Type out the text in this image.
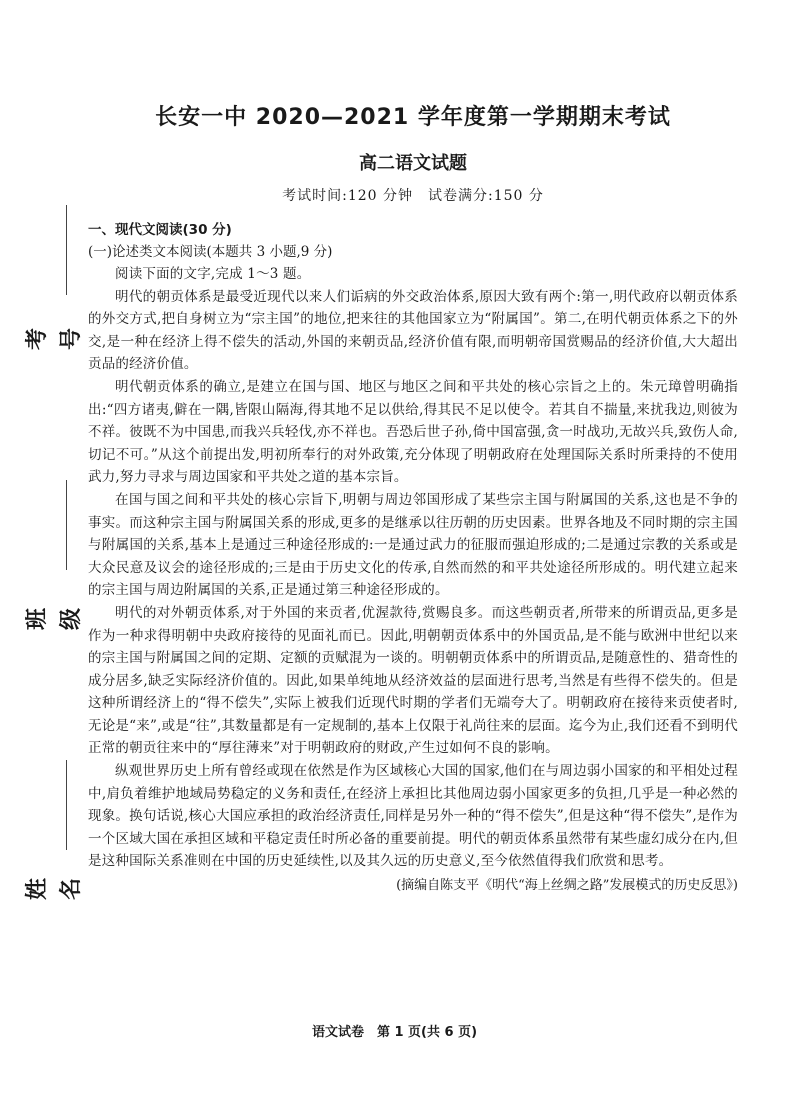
考号
班级
姓名
长安一中 2020—2021 学年度第一学期期末考试
高二语文试题
考试时间:120 分钟　试卷满分:150 分
一、现代文阅读(30 分)
(一)论述类文本阅读(本题共 3 小题,9 分)

阅读下面的文字,完成 1～3 题。

明代的朝贡体系是最受近现代以来人们诟病的外交政治体系,原因大致有两个:第一,明代政府以朝贡体系的外交方式,把自身树立为“宗主国”的地位,把来往的其他国家立为“附属国”。第二,在明代朝贡体系之下的外交,是一种在经济上得不偿失的活动,外国的来朝贡品,经济价值有限,而明朝帝国赏赐品的经济价值,大大超出贡品的经济价值。

明代朝贡体系的确立,是建立在国与国、地区与地区之间和平共处的核心宗旨之上的。朱元璋曾明确指出:“四方诸夷,僻在一隅,皆限山隔海,得其地不足以供给,得其民不足以使令。若其自不揣量,来扰我边,则彼为不祥。彼既不为中国患,而我兴兵轻伐,亦不祥也。吾恐后世子孙,倚中国富强,贪一时战功,无故兴兵,致伤人命,切记不可。”从这个前提出发,明初所奉行的对外政策,充分体现了明朝政府在处理国际关系时所秉持的不使用武力,努力寻求与周边国家和平共处之道的基本宗旨。

在国与国之间和平共处的核心宗旨下,明朝与周边邻国形成了某些宗主国与附属国的关系,这也是不争的事实。而这种宗主国与附属国关系的形成,更多的是继承以往历朝的历史因素。世界各地及不同时期的宗主国与附属国的关系,基本上是通过三种途径形成的:一是通过武力的征服而强迫形成的;二是通过宗教的关系或是大众民意及议会的途径形成的;三是由于历史文化的传承,自然而然的和平共处途径所形成的。明代建立起来的宗主国与周边附属国的关系,正是通过第三种途径形成的。

明代的对外朝贡体系,对于外国的来贡者,优渥款待,赏赐良多。而这些朝贡者,所带来的所谓贡品,更多是作为一种求得明朝中央政府接待的见面礼而已。因此,明朝朝贡体系中的外国贡品,是不能与欧洲中世纪以来的宗主国与附属国之间的定期、定额的贡赋混为一谈的。明朝朝贡体系中的所谓贡品,是随意性的、猎奇性的成分居多,缺乏实际经济价值的。因此,如果单纯地从经济效益的层面进行思考,当然是有些得不偿失的。但是这种所谓经济上的“得不偿失”,实际上被我们近现代时期的学者们无端夸大了。明朝政府在接待来贡使者时,无论是“来”,或是“往”,其数量都是有一定规制的,基本上仅限于礼尚往来的层面。迄今为止,我们还看不到明代正常的朝贡往来中的“厚往薄来”对于明朝政府的财政,产生过如何不良的影响。

纵观世界历史上所有曾经或现在依然是作为区域核心大国的国家,他们在与周边弱小国家的和平相处过程中,肩负着维护地域局势稳定的义务和责任,在经济上承担比其他周边弱小国家更多的负担,几乎是一种必然的现象。换句话说,核心大国应承担的政治经济责任,同样是另外一种的“得不偿失”,但是这种“得不偿失”,是作为一个区域大国在承担区域和平稳定责任时所必备的重要前提。明代的朝贡体系虽然带有某些虚幻成分在内,但是这种国际关系准则在中国的历史延续性,以及其久远的历史意义,至今依然值得我们欣赏和思考。

(摘编自陈支平《明代“海上丝绸之路”发展模式的历史反思》)
语文试卷　第 1 页(共 6 页)
